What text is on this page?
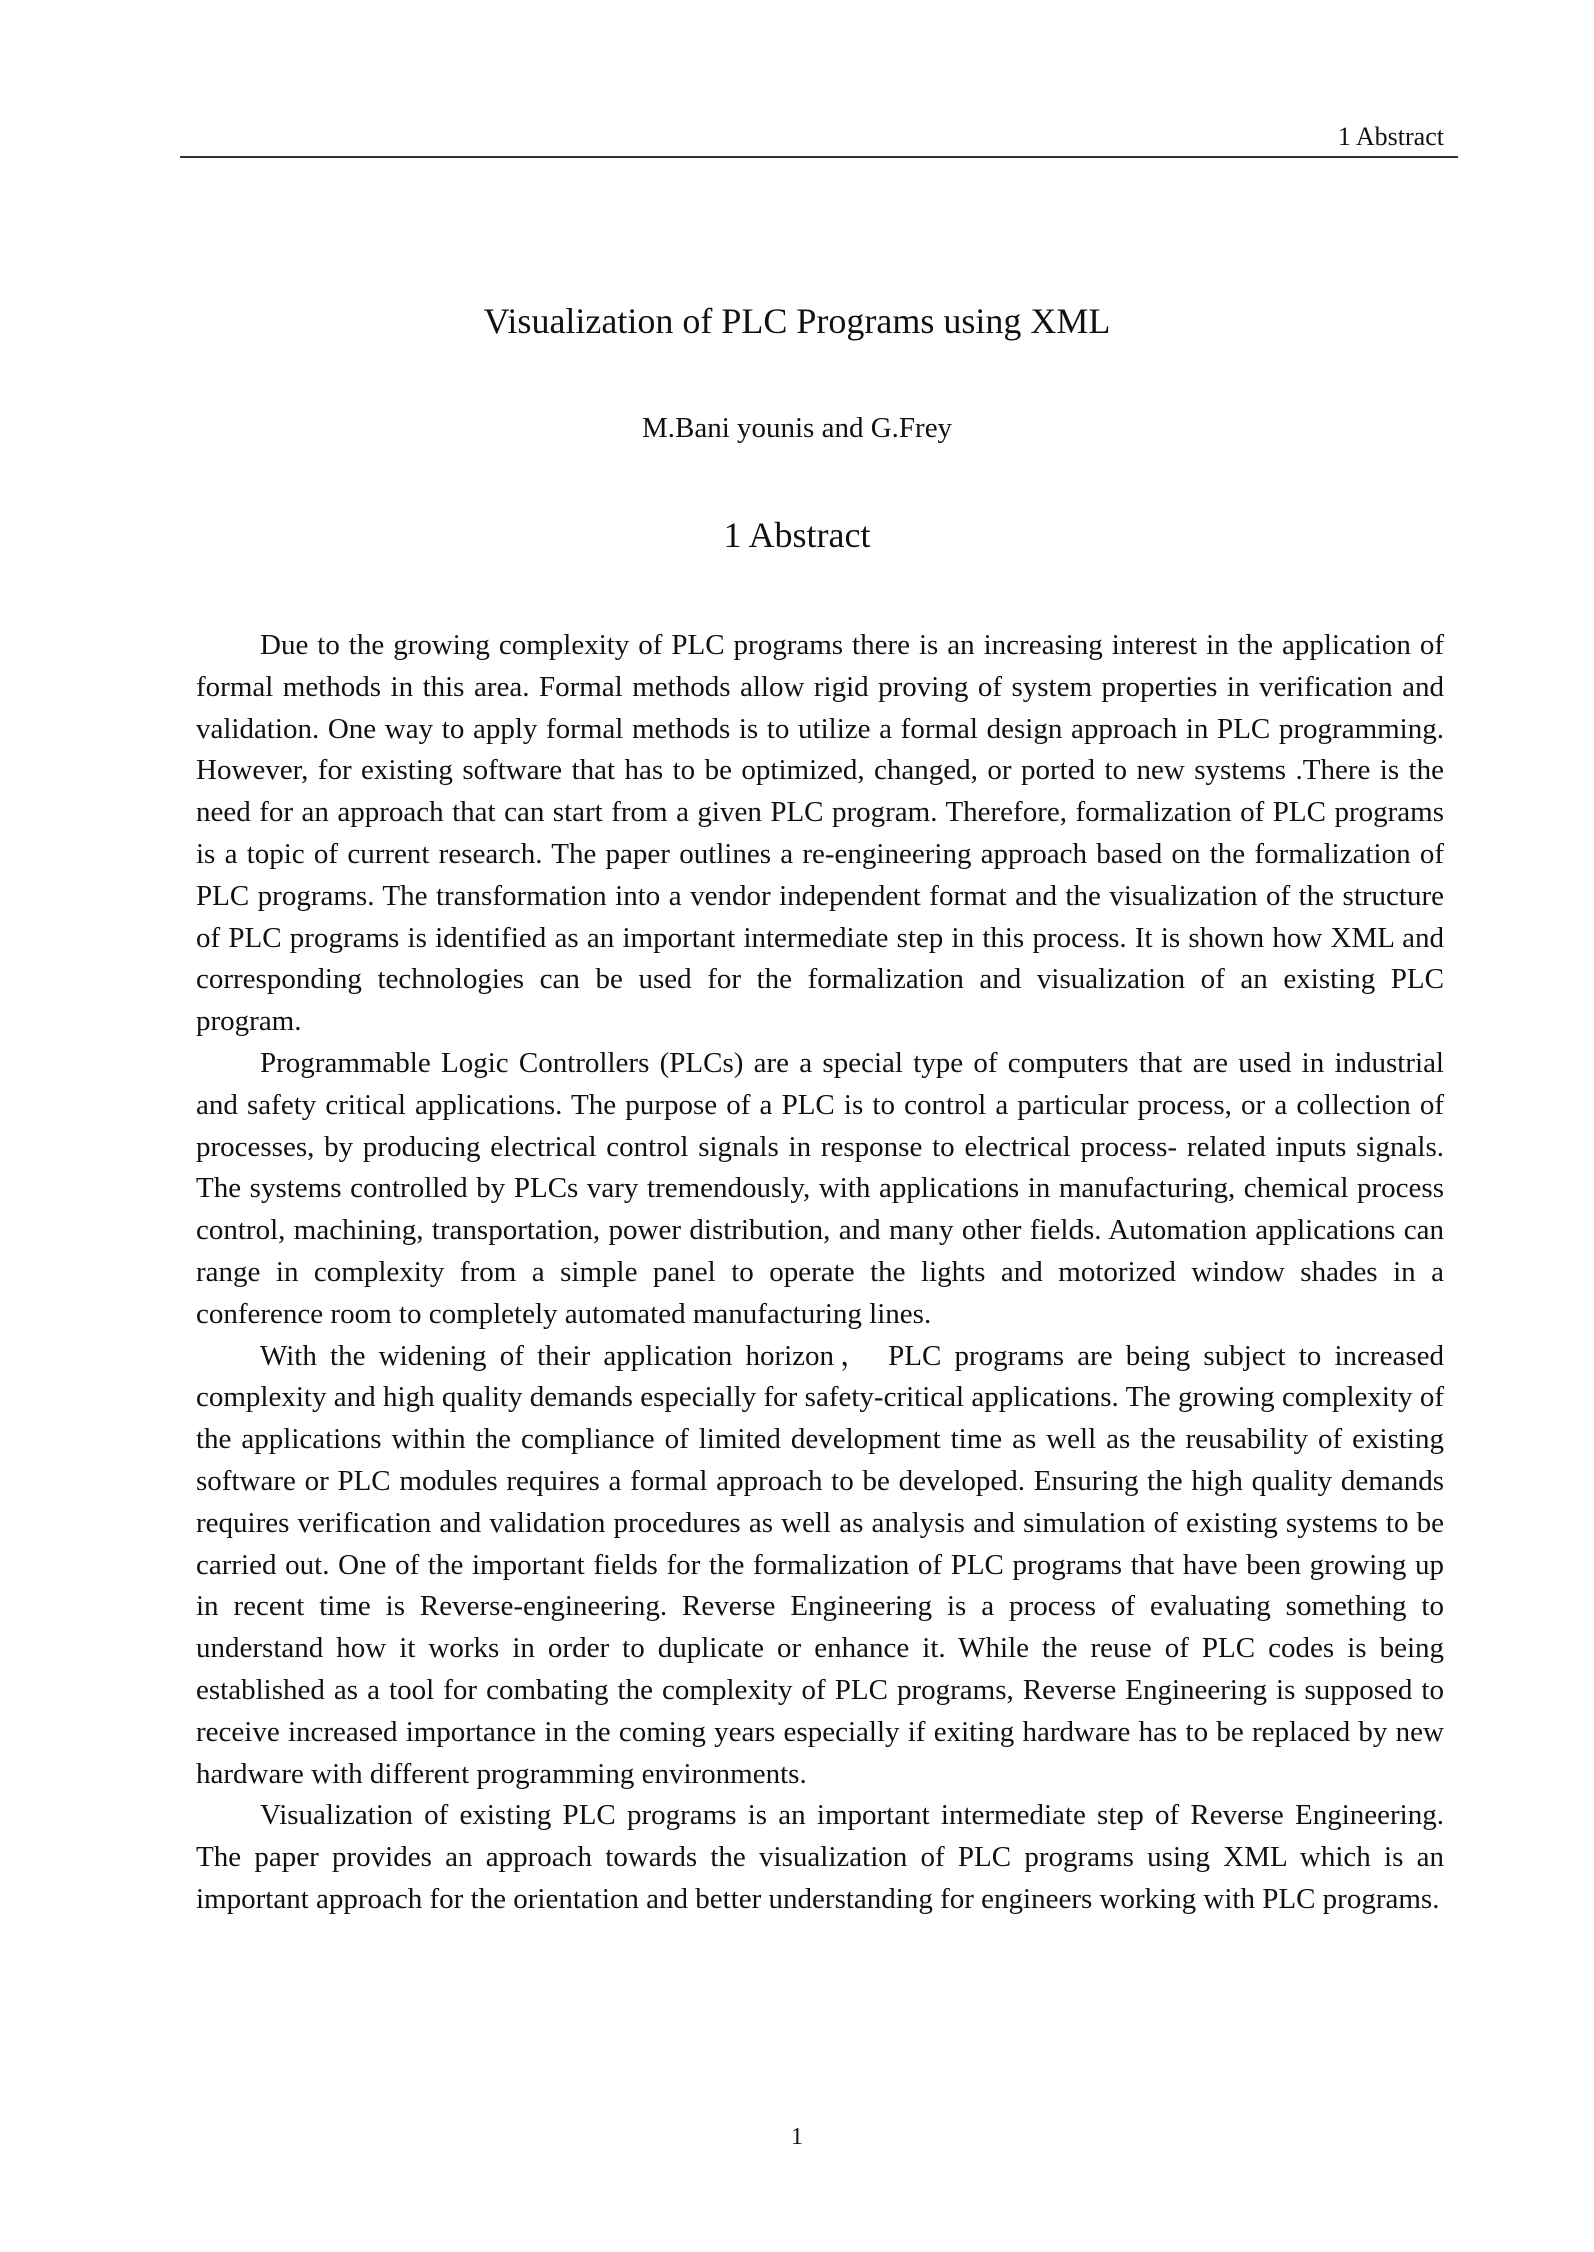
1 Abstract
Visualization of PLC Programs using XML
M.Bani younis and G.Frey
1 Abstract

Due to the growing complexity of PLC programs there is an increasing interest in the application of formal methods in this area. Formal methods allow rigid proving of system properties in verification and validation. One way to apply formal methods is to utilize a formal design approach in PLC programming. However, for existing software that has to be optimized, changed, or ported to new systems .There is the need for an approach that can start from a given PLC program. Therefore, formalization of PLC programs is a topic of current research. The paper outlines a re-engineering approach based on the formalization of PLC programs. The transformation into a vendor independent format and the visualization of the structure of PLC programs is identified as an important intermediate step in this process. It is shown how XML and corresponding technologies can be used for the formalization and visualization of an existing PLC program.

Programmable Logic Controllers (PLCs) are a special type of computers that are used in industrial and safety critical applications. The purpose of a PLC is to control a particular process, or a collection of processes, by producing electrical control signals in response to electrical process- related inputs signals. The systems controlled by PLCs vary tremendously, with applications in manufacturing, chemical process control, machining, transportation, power distribution, and many other fields. Automation applications can range in complexity from a simple panel to operate the lights and motorized window shades in a conference room to completely automated manufacturing lines.

With the widening of their application horizon， PLC programs are being subject to increased complexity and high quality demands especially for safety-critical applications. The growing complexity of the applications within the compliance of limited development time as well as the reusability of existing software or PLC modules requires a formal approach to be developed. Ensuring the high quality demands requires verification and validation procedures as well as analysis and simulation of existing systems to be carried out. One of the important fields for the formalization of PLC programs that have been growing up in recent time is Reverse-engineering. Reverse Engineering is a process of evaluating something to understand how it works in order to duplicate or enhance it. While the reuse of PLC codes is being established as a tool for combating the complexity of PLC programs, Reverse Engineering is supposed to receive increased importance in the coming years especially if exiting hardware has to be replaced by new hardware with different programming environments.

Visualization of existing PLC programs is an important intermediate step of Reverse Engineering. The paper provides an approach towards the visualization of PLC programs using XML which is an important approach for the orientation and better understanding for engineers working with PLC programs.

1
